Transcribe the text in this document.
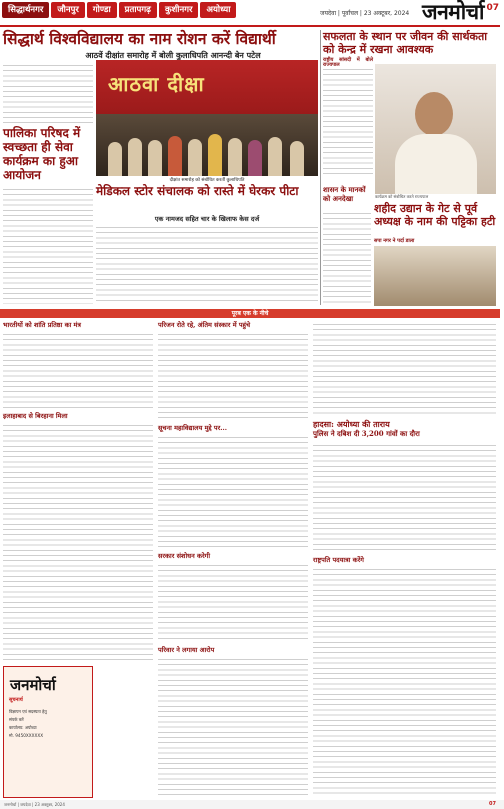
सिद्धार्थनगर	जौनपुर	गोण्डा	प्रतापगढ़	कुशीनगर	अयोध्या	जयदेवा | पूर्वांचल | 23 अक्टूबर, 2024 जनमोर्चा 07
सिद्धार्थ विश्वविद्यालय का नाम रोशन करें विद्यार्थी
आठवें दीक्षांत समारोह में बोली कुलाधिपति आनन्दी बेन पटेल
आठवा दीक्षा
दीक्षांत समारोह को संबोधित करतीं कुलाधिपति
पालिका परिषद में स्वच्छता ही सेवा कार्यक्रम का हुआ आयोजन
मेडिकल स्टोर संचालक को रास्ते में घेरकर पीटा
एक नामजद सहित चार के खिलाफ केस दर्ज
सफलता के स्थान पर जीवन की सार्थकता को केन्द्र में रखना आवश्यक
राष्ट्रीय सांसदी में बोले
कार्यक्रम को संबोधित करते राज्यपाल
शासन के मानकों को अनदेखा
शहीद उद्यान के गेट से पूर्व अध्यक्ष के नाम की पट्टिका हटी
सपा नगर ने पर्दा डाला
पूरब एक के नीचे
भारतीयों को शांति प्रतिष्ठा का मंत्र
इलाहाबाद से बिरहाना मिला
परिजन रोते रहे, अंतिम संस्कार में पहुंचे
सूचना महाविद्यालय मुद्दे पर...
सरकार संशोधन करेगी
परिवार ने लगाया आरोप
हादसा: अयोध्या की ताराय
पुलिस ने दबिश दी 3,200 गांवों का दौरा
राष्ट्रपति पदयात्रा करेंगे
जनमोर्चा
सूचनार्थ
विज्ञापन एवं सदस्यता हेतु
संपर्क करें
कार्यालय: अयोध्या
मो. 9450XXXXXX
जनमोर्चा | जयदेवा | 23 अक्टूबर, 2024	07
